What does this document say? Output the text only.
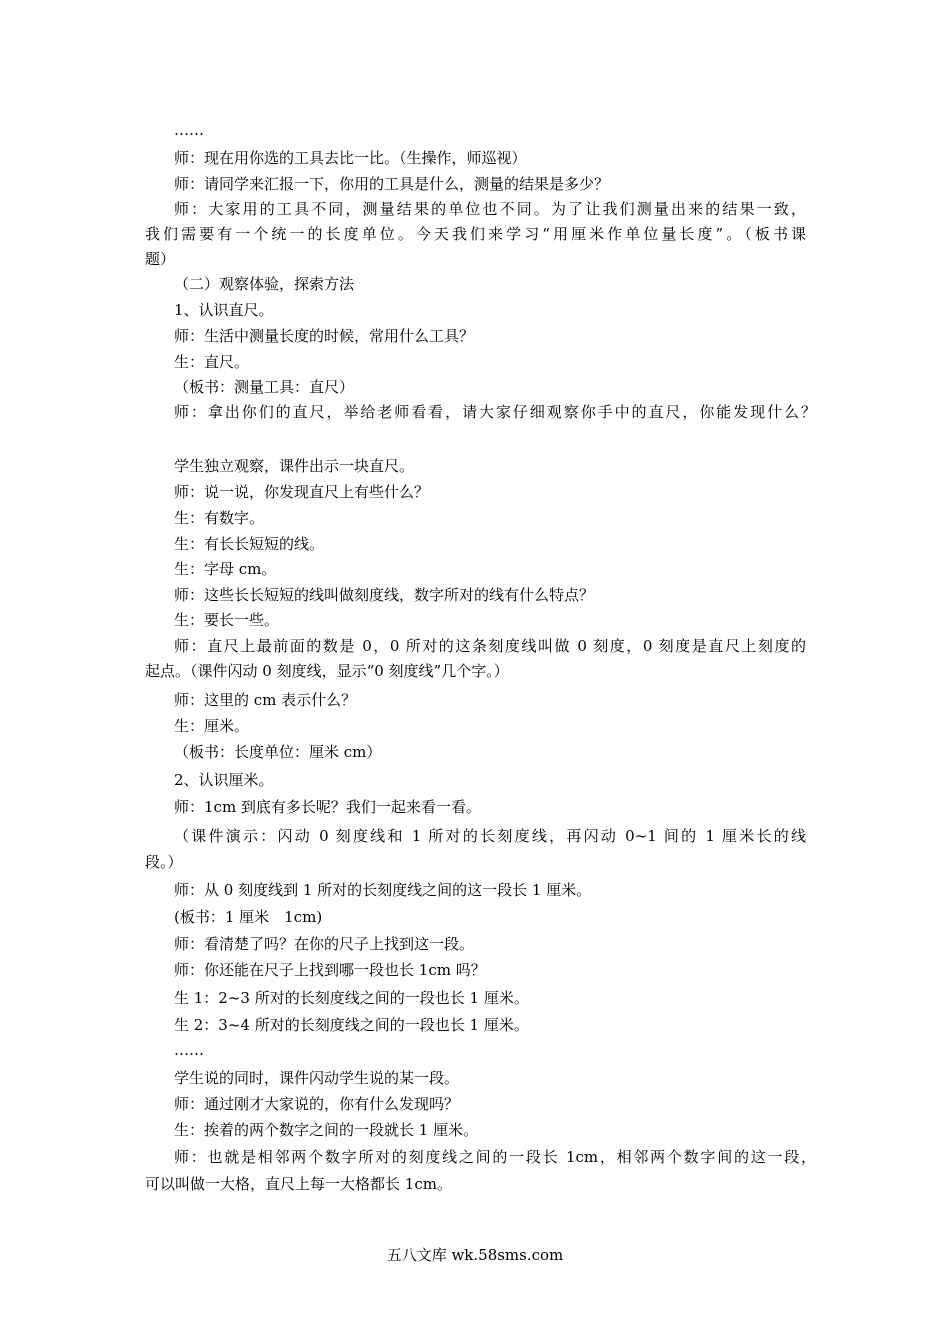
……
师：现在用你选的工具去比一比。（生操作，师巡视）
师：请同学来汇报一下，你用的工具是什么，测量的结果是多少？
师：大家用的工具不同，测量结果的单位也不同。为了让我们测量出来的结果一致，
我们需要有一个统一的长度单位。今天我们来学习“用厘米作单位量长度”。（板书课
题）
（二）观察体验，探索方法
1、认识直尺。
师：生活中测量长度的时候，常用什么工具？
生：直尺。
（板书：测量工具：直尺）
师：拿出你们的直尺，举给老师看看，请大家仔细观察你手中的直尺，你能发现什么？
学生独立观察，课件出示一块直尺。
师：说一说，你发现直尺上有些什么？
生：有数字。
生：有长长短短的线。
生：字母 cm。
师：这些长长短短的线叫做刻度线，数字所对的线有什么特点？
生：要长一些。
师：直尺上最前面的数是 0，0 所对的这条刻度线叫做 0 刻度，0 刻度是直尺上刻度的
起点。（课件闪动 0 刻度线，显示“0 刻度线”几个字。）
师：这里的 cm 表示什么？
生：厘米。
（板书：长度单位：厘米 cm）
2、认识厘米。
师：1cm 到底有多长呢？我们一起来看一看。
（课件演示：闪动 0 刻度线和 1 所对的长刻度线，再闪动 0~1 间的 1 厘米长的线
段。）
师：从 0 刻度线到 1 所对的长刻度线之间的这一段长 1 厘米。
(板书：1 厘米　1cm)
师：看清楚了吗？在你的尺子上找到这一段。
师：你还能在尺子上找到哪一段也长 1cm 吗？
生 1：2~3 所对的长刻度线之间的一段也长 1 厘米。
生 2：3~4 所对的长刻度线之间的一段也长 1 厘米。
……
学生说的同时，课件闪动学生说的某一段。
师：通过刚才大家说的，你有什么发现吗？
生：挨着的两个数字之间的一段就长 1 厘米。
师：也就是相邻两个数字所对的刻度线之间的一段长 1cm，相邻两个数字间的这一段，
可以叫做一大格，直尺上每一大格都长 1cm。
五八文库 wk.58sms.com
